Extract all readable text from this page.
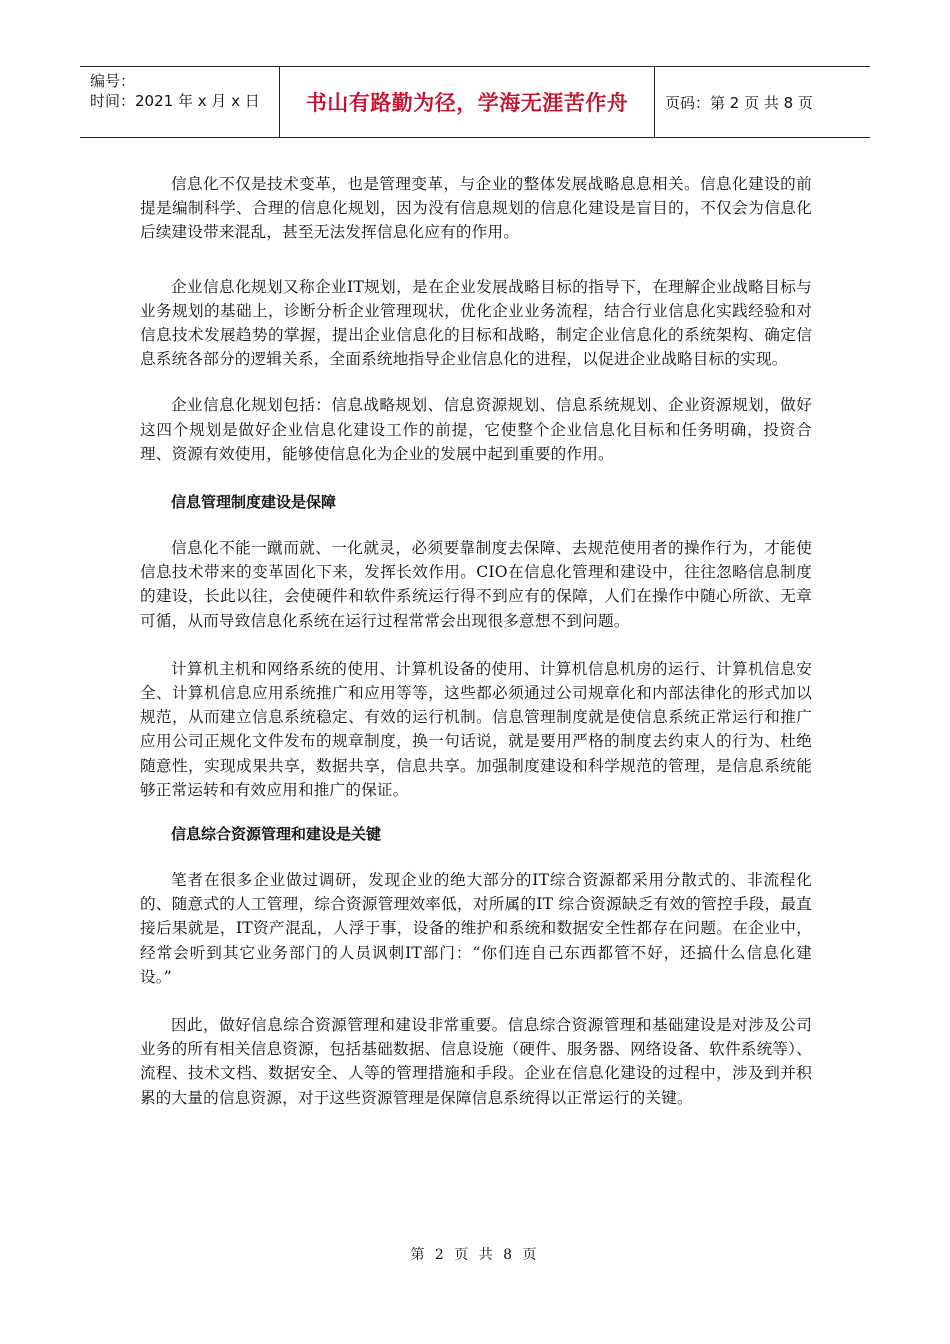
编号：
时间：2021 年 x 月 x 日	书山有路勤为径，学海无涯苦作舟	页码：第 2 页 共 8 页

信息化不仅是技术变革，也是管理变革，与企业的整体发展战略息息相关。信息化建设的前提是编制科学、合理的信息化规划，因为没有信息规划的信息化建设是盲目的，不仅会为信息化后续建设带来混乱，甚至无法发挥信息化应有的作用。

企业信息化规划又称企业IT规划，是在企业发展战略目标的指导下，在理解企业战略目标与业务规划的基础上，诊断分析企业管理现状，优化企业业务流程，结合行业信息化实践经验和对信息技术发展趋势的掌握，提出企业信息化的目标和战略，制定企业信息化的系统架构、确定信息系统各部分的逻辑关系，全面系统地指导企业信息化的进程，以促进企业战略目标的实现。

企业信息化规划包括：信息战略规划、信息资源规划、信息系统规划、企业资源规划，做好这四个规划是做好企业信息化建设工作的前提，它使整个企业信息化目标和任务明确，投资合理、资源有效使用，能够使信息化为企业的发展中起到重要的作用。

信息管理制度建设是保障

信息化不能一蹴而就、一化就灵，必须要靠制度去保障、去规范使用者的操作行为，才能使信息技术带来的变革固化下来，发挥长效作用。CIO在信息化管理和建设中，往往忽略信息制度的建设，长此以往，会使硬件和软件系统运行得不到应有的保障，人们在操作中随心所欲、无章可循，从而导致信息化系统在运行过程常常会出现很多意想不到问题。

计算机主机和网络系统的使用、计算机设备的使用、计算机信息机房的运行、计算机信息安全、计算机信息应用系统推广和应用等等，这些都必须通过公司规章化和内部法律化的形式加以规范，从而建立信息系统稳定、有效的运行机制。信息管理制度就是使信息系统正常运行和推广应用公司正规化文件发布的规章制度，换一句话说，就是要用严格的制度去约束人的行为、杜绝随意性，实现成果共享，数据共享，信息共享。加强制度建设和科学规范的管理，是信息系统能够正常运转和有效应用和推广的保证。

信息综合资源管理和建设是关键

笔者在很多企业做过调研，发现企业的绝大部分的IT综合资源都采用分散式的、非流程化的、随意式的人工管理，综合资源管理效率低，对所属的IT 综合资源缺乏有效的管控手段，最直接后果就是，IT资产混乱，人浮于事，设备的维护和系统和数据安全性都存在问题。在企业中，经常会听到其它业务部门的人员讽刺IT部门：“你们连自己东西都管不好，还搞什么信息化建设。”

因此，做好信息综合资源管理和建设非常重要。信息综合资源管理和基础建设是对涉及公司业务的所有相关信息资源，包括基础数据、信息设施（硬件、服务器、网络设备、软件系统等）、流程、技术文档、数据安全、人等的管理措施和手段。企业在信息化建设的过程中，涉及到并积累的大量的信息资源，对于这些资源管理是保障信息系统得以正常运行的关键。

第 2 页 共 8 页
